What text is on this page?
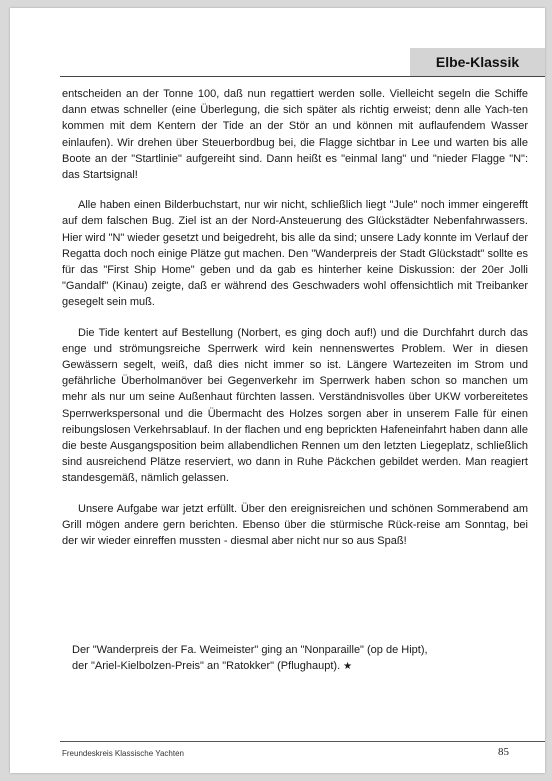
Elbe-Klassik

entscheiden an der Tonne 100, daß nun regattiert werden solle. Vielleicht segeln die Schiffe dann etwas schneller (eine Überlegung, die sich später als richtig erweist; denn alle Yach-ten kommen mit dem Kentern der Tide an der Stör an und können mit auflaufendem Wasser einlaufen). Wir drehen über Steuerbordbug bei, die Flagge sichtbar in Lee und warten bis alle Boote an der "Startlinie" aufgereiht sind. Dann heißt es "einmal lang" und "nieder Flagge "N": das Startsignal!

Alle haben einen Bilderbuchstart, nur wir nicht, schließlich liegt "Jule" noch immer eingerefft auf dem falschen Bug. Ziel ist an der Nord-Ansteuerung des Glückstädter Nebenfahrwassers. Hier wird "N" wieder gesetzt und beigedreht, bis alle da sind; unsere Lady konnte im Verlauf der Regatta doch noch einige Plätze gut machen. Den "Wanderpreis der Stadt Glückstadt" sollte es für das "First Ship Home" geben und da gab es hinterher keine Diskussion: der 20er Jolli "Gandalf" (Kinau) zeigte, daß er während des Geschwaders wohl offensichtlich mit Treibanker gesegelt sein muß.

Die Tide kentert auf Bestellung (Norbert, es ging doch auf!) und die Durchfahrt durch das enge und strömungsreiche Sperrwerk wird kein nennenswertes Problem. Wer in diesen Gewässern segelt, weiß, daß dies nicht immer so ist. Längere Wartezeiten im Strom und gefährliche Überholmanöver bei Gegenverkehr im Sperrwerk haben schon so manchen um mehr als nur um seine Außenhaut fürchten lassen. Verständnisvolles über UKW vorbereitetes Sperrwerkspersonal und die Übermacht des Holzes sorgen aber in unserem Falle für einen reibungslosen Verkehrsablauf. In der flachen und eng beprickten Hafeneinfahrt haben dann alle die beste Ausgangsposition beim allabendlichen Rennen um den letzten Liegeplatz, schließlich sind ausreichend Plätze reserviert, wo dann in Ruhe Päckchen gebildet werden. Man reagiert standesgemäß, nämlich gelassen.

Unsere Aufgabe war jetzt erfüllt. Über den ereignisreichen und schönen Sommerabend am Grill mögen andere gern berichten. Ebenso über die stürmische Rück-reise am Sonntag, bei der wir wieder einreffen mussten - diesmal aber nicht nur so aus Spaß!

Der "Wanderpreis der Fa. Weimeister" ging an "Nonparaille" (op de Hipt),
der "Ariel-Kielbolzen-Preis" an "Ratokker" (Pflughaupt). ★
Freundeskreis Klassische Yachten	85
